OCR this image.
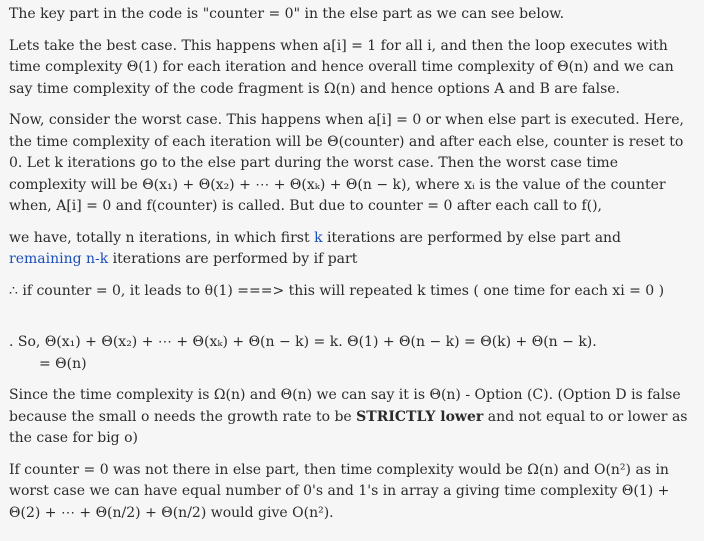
The key part in the code is "counter = 0" in the else part as we can see below.

Lets take the best case. This happens when a[i] = 1 for all i, and then the loop executes with time complexity Θ(1) for each iteration and hence overall time complexity of Θ(n) and we can say time complexity of the code fragment is Ω(n) and hence options A and B are false.

Now, consider the worst case. This happens when a[i] = 0 or when else part is executed. Here, the time complexity of each iteration will be Θ(counter) and after each else, counter is reset to 0. Let k iterations go to the else part during the worst case. Then the worst case time complexity will be Θ(x₁) + Θ(x₂) + ⋯ + Θ(xₖ) + Θ(n − k), where xᵢ is the value of the counter when, A[i] = 0 and f(counter) is called. But due to counter = 0 after each call to f(),

we have, totally n iterations, in which first k iterations are performed by else part and remaining n-k iterations are performed by if part

∴ if counter = 0, it leads to θ(1) ===> this will repeated k times ( one time for each xi = 0 )

. So, Θ(x₁) + Θ(x₂) + ⋯ + Θ(xₖ) + Θ(n − k) = k. Θ(1) + Θ(n − k) = Θ(k) + Θ(n − k).

= Θ(n)

Since the time complexity is Ω(n) and Θ(n) we can say it is Θ(n) - Option (C). (Option D is false because the small o needs the growth rate to be STRICTLY lower and not equal to or lower as the case for big o)

If counter = 0 was not there in else part, then time complexity would be Ω(n) and O(n²) as in worst case we can have equal number of 0's and 1's in array a giving time complexity Θ(1) + Θ(2) + ⋯ + Θ(n/2) + Θ(n/2) would give O(n²).
